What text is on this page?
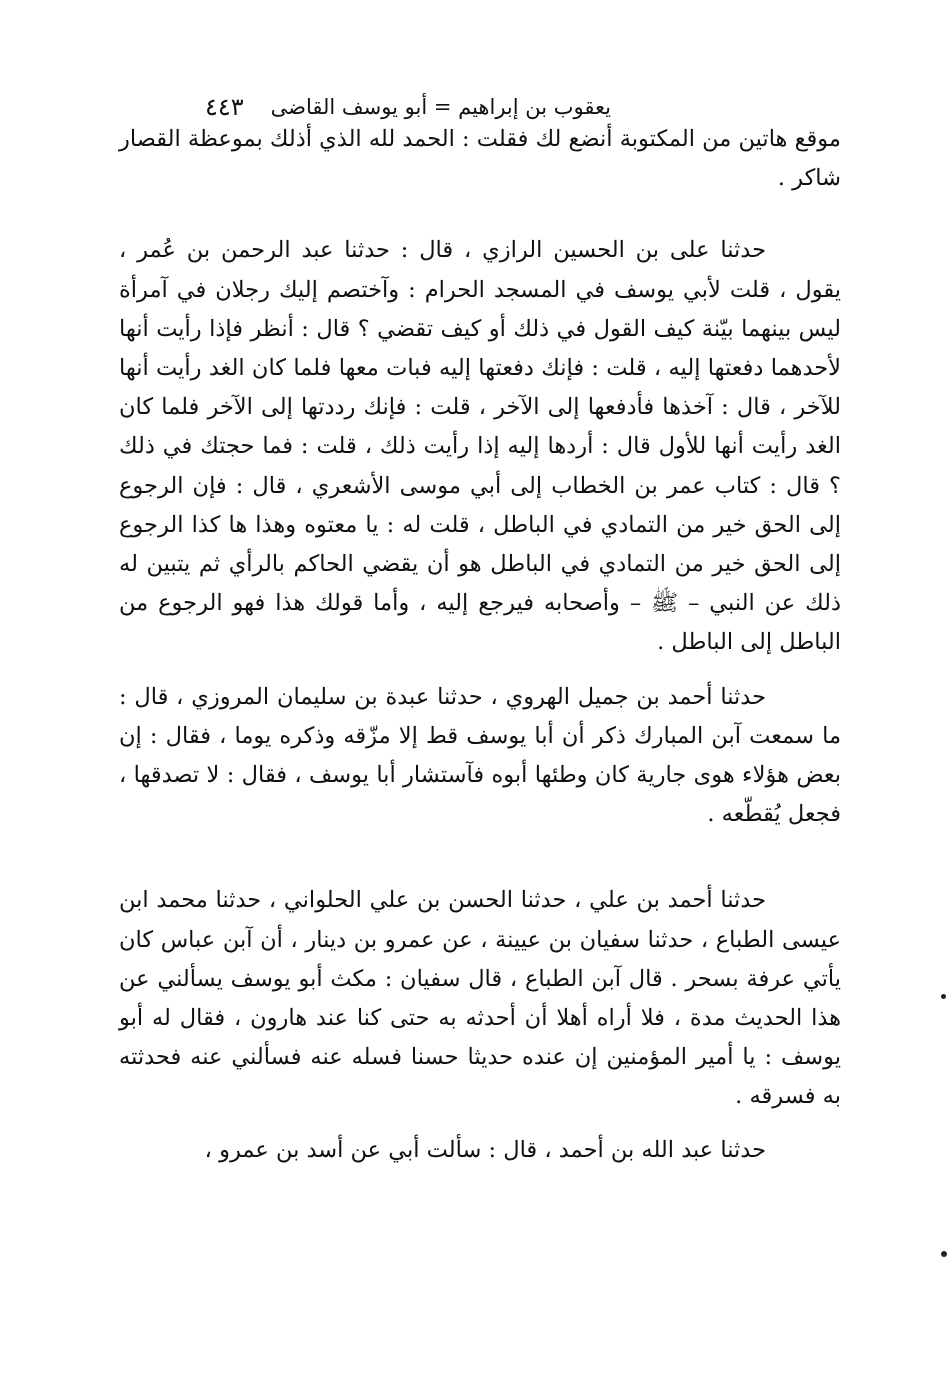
يعقوب بن إبراهيم = أبو يوسف القاضى
٤٤٣

موقع هاتين من المكتوبة أنضع لك فقلت : الحمد لله الذي أذلك بموعظة القصار شاكر .

حدثنا على بن الحسين الرازي ، قال : حدثنا عبد الرحمن بن عُمر ، يقول ، قلت لأبي يوسف في المسجد الحرام : وآختصم إليك رجلان في آمرأة ليس بينهما بيّنة كيف القول في ذلك أو كيف تقضي ؟ قال : أنظر فإذا رأيت أنها لأحدهما دفعتها إليه ، قلت : فإنك دفعتها إليه فبات معها فلما كان الغد رأيت أنها للآخر ، قال : آخذها فأدفعها إلى الآخر ، قلت : فإنك رددتها إلى الآخر فلما كان الغد رأيت أنها للأول قال : أردها إليه إذا رأيت ذلك ، قلت : فما حجتك في ذلك ؟ قال : كتاب عمر بن الخطاب إلى أبي موسى الأشعري ، قال : فإن الرجوع إلى الحق خير من التمادي في الباطل ، قلت له : يا معتوه وهذا ها كذا الرجوع إلى الحق خير من التمادي في الباطل هو أن يقضي الحاكم بالرأي ثم يتبين له ذلك عن النبي – ﷺ – وأصحابه فيرجع إليه ، وأما قولك هذا فهو الرجوع من الباطل إلى الباطل .

حدثنا أحمد بن جميل الهروي ، حدثنا عبدة بن سليمان المروزي ، قال : ما سمعت آبن المبارك ذكر أن أبا يوسف قط إلا مزّقه وذكره يوما ، فقال : إن بعض هؤلاء هوى جارية كان وطئها أبوه فآستشار أبا يوسف ، فقال : لا تصدقها ، فجعل يُقطّعه .

حدثنا أحمد بن علي ، حدثنا الحسن بن علي الحلواني ، حدثنا محمد ابن عيسى الطباع ، حدثنا سفيان بن عيينة ، عن عمرو بن دينار ، أن آبن عباس كان يأتي عرفة بسحر . قال آبن الطباع ، قال سفيان : مكث أبو يوسف يسألني عن هذا الحديث مدة ، فلا أراه أهلا أن أحدثه به حتى كنا عند هارون ، فقال له أبو يوسف : يا أمير المؤمنين إن عنده حديثا حسنا فسله عنه فسألني عنه فحدثته به فسرقه .

حدثنا عبد الله بن أحمد ، قال : سألت أبي عن أسد بن عمرو ،
